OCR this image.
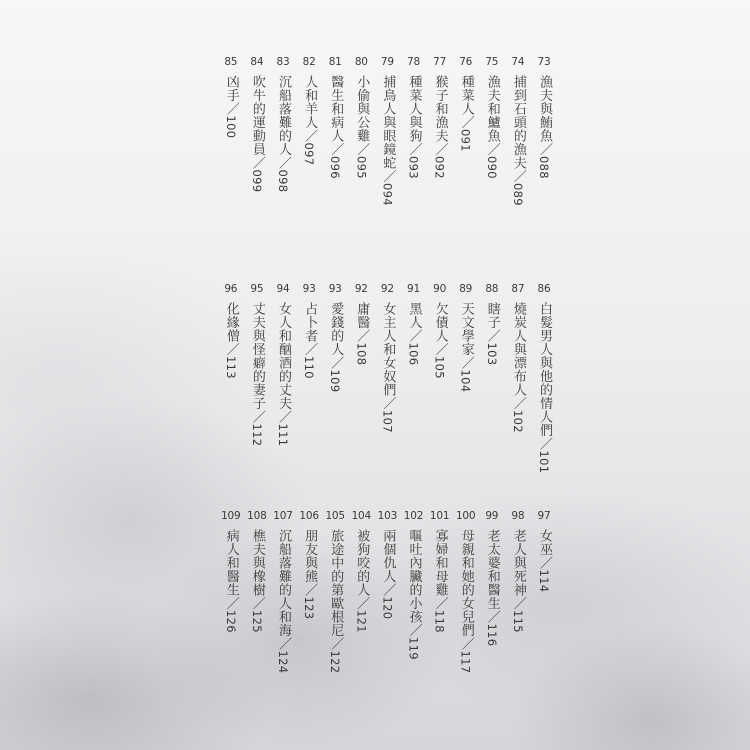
73
漁夫與鮪魚／088
74
捕到石頭的漁夫／089
75
漁夫和鱸魚／090
76
種菜人／091
77
猴子和漁夫／092
78
種菜人與狗／093
79
捕鳥人與眼鏡蛇／094
80
小偷與公雞／095
81
醫生和病人／096
82
人和羊人／097
83
沉船落難的人／098
84
吹牛的運動員／099
85
凶手／100
86
白髮男人與他的情人們／101
87
燒炭人與漂布人／102
88
瞎子／103
89
天文學家／104
90
欠債人／105
91
黑人／106
92
女主人和女奴們／107
92
庸醫／108
93
愛錢的人／109
93
占卜者／110
94
女人和酗酒的丈夫／111
95
丈夫與怪癖的妻子／112
96
化緣僧／113
97
女巫／114
98
老人與死神／115
99
老太婆和醫生／116
100
母親和她的女兒們／117
101
寡婦和母雞／118
102
嘔吐內臟的小孩／119
103
兩個仇人／120
104
被狗咬的人／121
105
旅途中的第歐根尼／122
106
朋友與熊／123
107
沉船落難的人和海／124
108
樵夫與橡樹／125
109
病人和醫生／126
